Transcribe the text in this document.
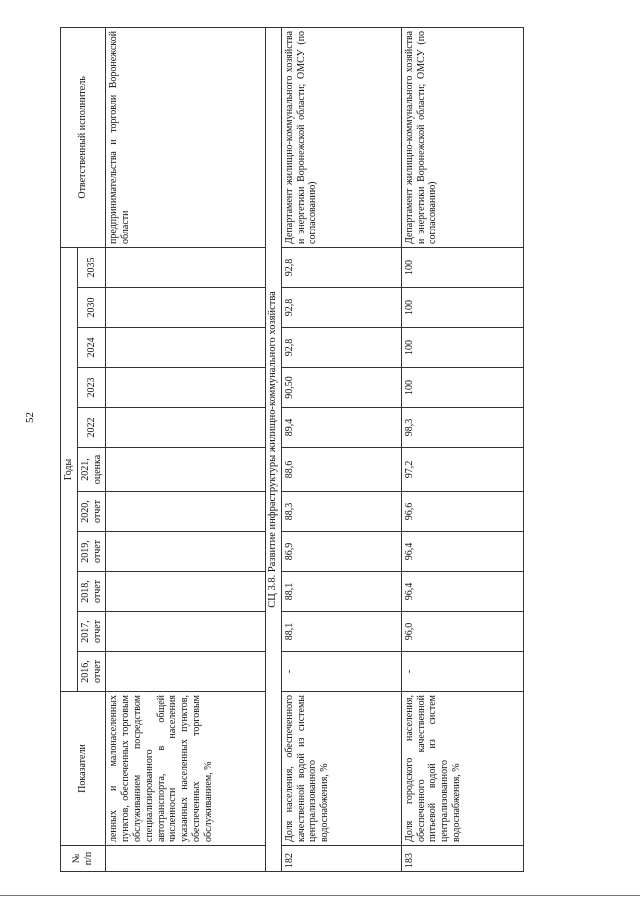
52
№ п/п	Показатели	Годы											Ответственный исполнитель
		2016, отчет	2017, отчет	2018, отчет	2019, отчет	2020, отчет	2021, оценка	2022	2023	2024	2030	2035	
	ленных и малонаселенных пунктов, обеспеченных торговым обслуживанием посредством специализированного автотранспорта, в общей численности населения указанных населенных пунктов, обеспеченных торговым обслуживанием, %												предпринимательства и торговли Воронежской области
СЦ 3.8. Развитие инфраструктуры жилищно-коммунального хозяйства													
182	Доля населения, обеспеченного качественной водой из системы централизованного водоснабжения, %	-	88,1	88,1	86,9	88,3	88,6	89,4	90,50	92,8	92,8	92,8	Департамент жилищно-коммунального хозяйства и энергетики Воронежской области; ОМСУ (по согласованию)
183	Доля городского населения, обеспеченного качественной питьевой водой из систем централизованного водоснабжения, %	-	96,0	96,4	96,4	96,6	97,2	98,3	100	100	100	100	Департамент жилищно-коммунального хозяйства и энергетики Воронежской области; ОМСУ (по согласованию)
